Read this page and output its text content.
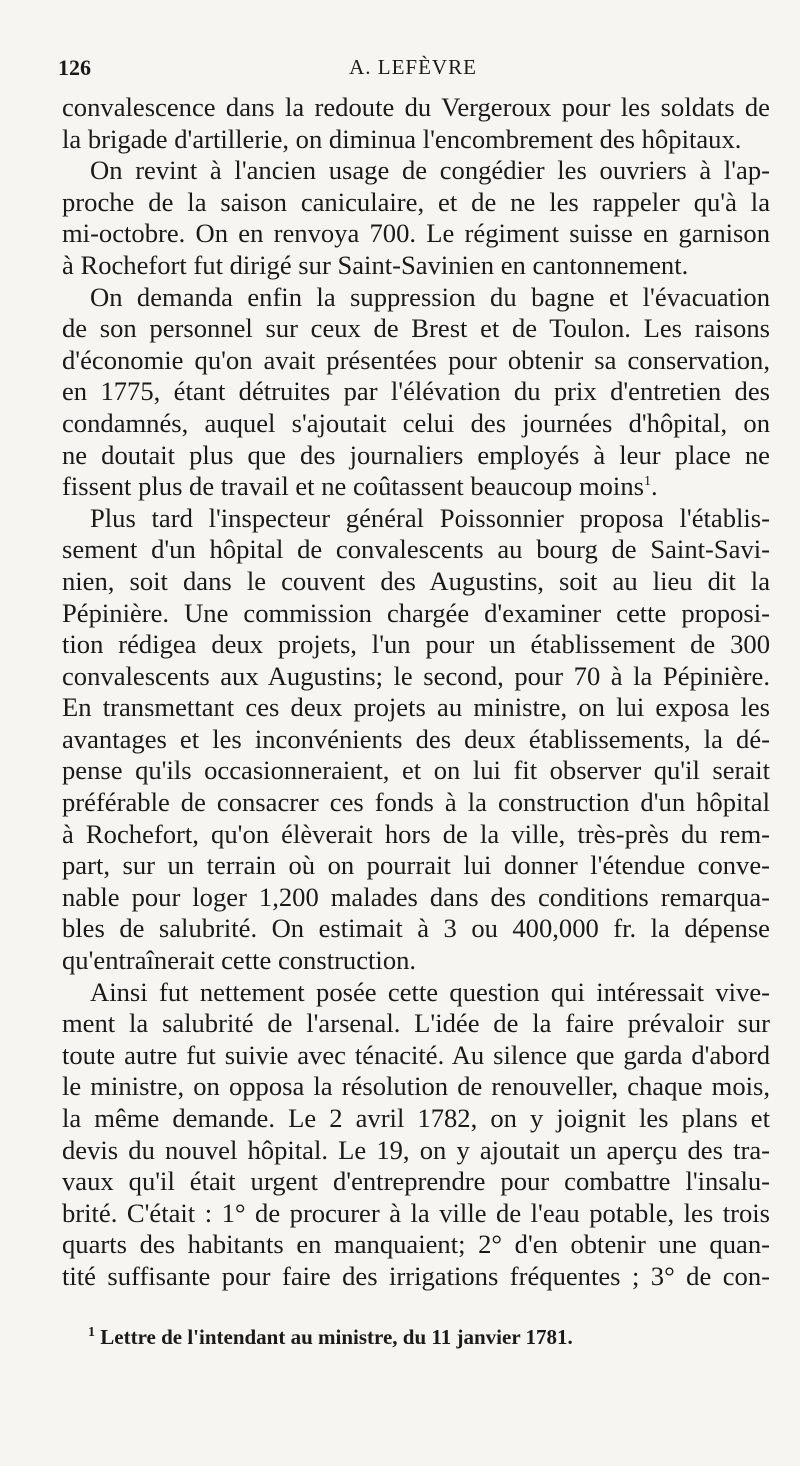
126	A. LEFÈVRE
convalescence dans la redoute du Vergeroux pour les soldats de
la brigade d'artillerie, on diminua l'encombrement des hôpitaux.
On revint à l'ancien usage de congédier les ouvriers à l'ap-
proche de la saison caniculaire, et de ne les rappeler qu'à la
mi-octobre. On en renvoya 700. Le régiment suisse en garnison
à Rochefort fut dirigé sur Saint-Savinien en cantonnement.
On demanda enfin la suppression du bagne et l'évacuation
de son personnel sur ceux de Brest et de Toulon. Les raisons
d'économie qu'on avait présentées pour obtenir sa conservation,
en 1775, étant détruites par l'élévation du prix d'entretien des
condamnés, auquel s'ajoutait celui des journées d'hôpital, on
ne doutait plus que des journaliers employés à leur place ne
fissent plus de travail et ne coûtassent beaucoup moins$^1$.
Plus tard l'inspecteur général Poissonnier proposa l'établis-
sement d'un hôpital de convalescents au bourg de Saint-Savi-
nien, soit dans le couvent des Augustins, soit au lieu dit la
Pépinière. Une commission chargée d'examiner cette proposi-
tion rédigea deux projets, l'un pour un établissement de 300
convalescents aux Augustins; le second, pour 70 à la Pépinière.
En transmettant ces deux projets au ministre, on lui exposa les
avantages et les inconvénients des deux établissements, la dé-
pense qu'ils occasionneraient, et on lui fit observer qu'il serait
préférable de consacrer ces fonds à la construction d'un hôpital
à Rochefort, qu'on élèverait hors de la ville, très-près du rem-
part, sur un terrain où on pourrait lui donner l'étendue conve-
nable pour loger 1,200 malades dans des conditions remarqua-
bles de salubrité. On estimait à 3 ou 400,000 fr. la dépense
qu'entraînerait cette construction.
Ainsi fut nettement posée cette question qui intéressait vive-
ment la salubrité de l'arsenal. L'idée de la faire prévaloir sur
toute autre fut suivie avec ténacité. Au silence que garda d'abord
le ministre, on opposa la résolution de renouveller, chaque mois,
la même demande. Le 2 avril 1782, on y joignit les plans et
devis du nouvel hôpital. Le 19, on y ajoutait un aperçu des tra-
vaux qu'il était urgent d'entreprendre pour combattre l'insalu-
brité. C'était : 1° de procurer à la ville de l'eau potable, les trois
quarts des habitants en manquaient; 2° d'en obtenir une quan-
tité suffisante pour faire des irrigations fréquentes ; 3° de con-
$^1$ Lettre de l'intendant au ministre, du 11 janvier 1781.
